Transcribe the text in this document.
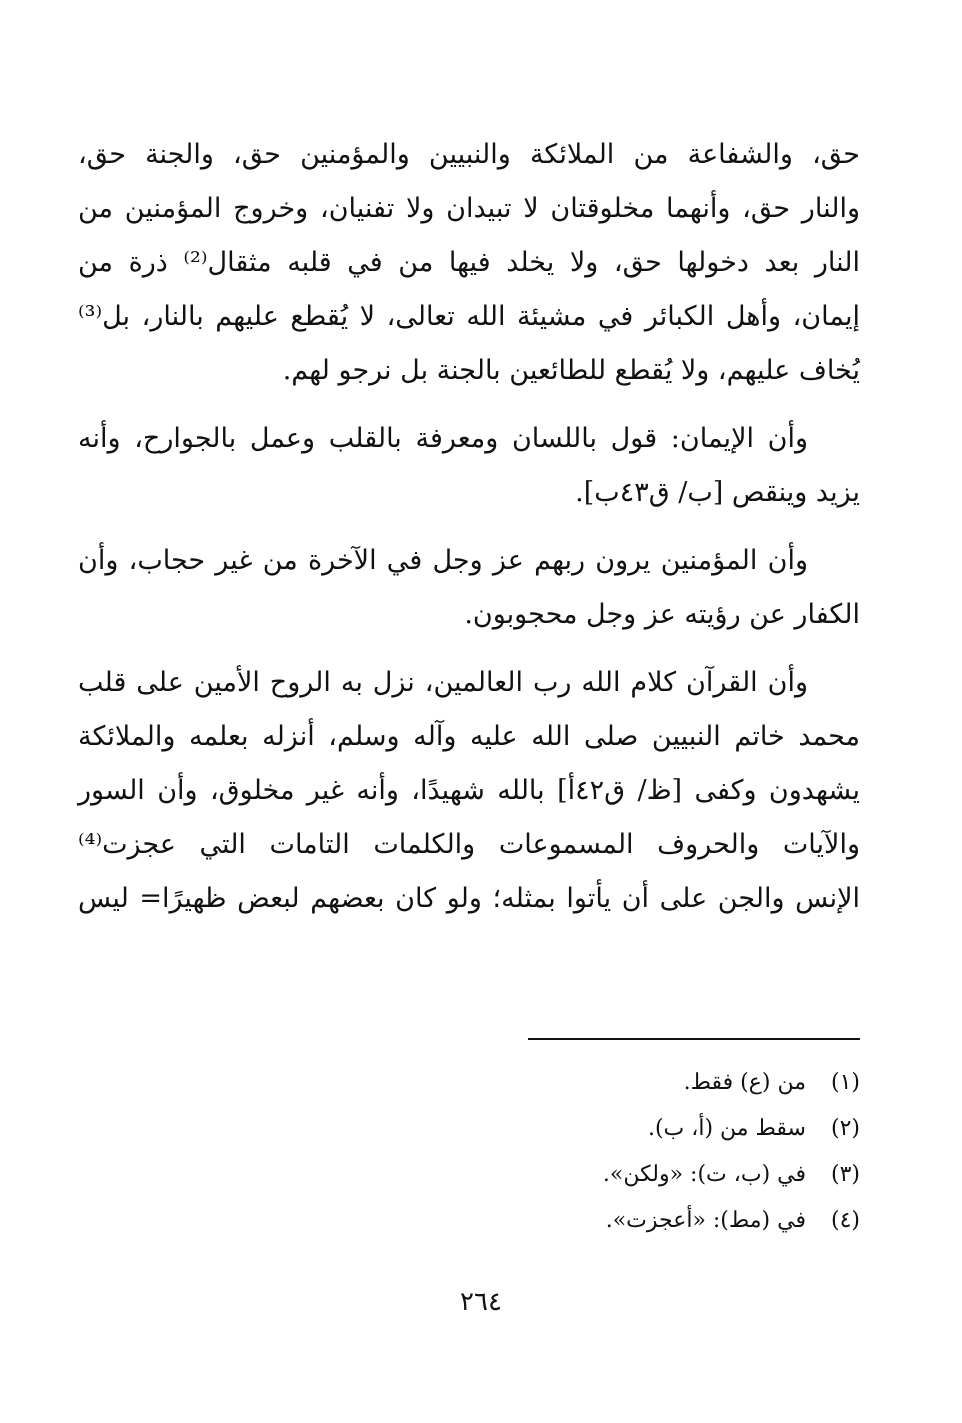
حق، والشفاعة من الملائكة والنبيين والمؤمنين حق، والجنة حق،
والنار حق، وأنهما مخلوقتان لا تبيدان ولا تفنيان، وخروج المؤمنين من
النار بعد دخولها حق، ولا يخلد فيها من في قلبه مثقال⁽²⁾ ذرة من
إيمان، وأهل الكبائر في مشيئة الله تعالى، لا يُقطع عليهم بالنار، بل⁽³⁾
يُخاف عليهم، ولا يُقطع للطائعين بالجنة بل نرجو لهم.
وأن الإيمان: قول باللسان ومعرفة بالقلب وعمل بالجوارح، وأنه
يزيد وينقص [ب/ ق٤٣ب].
وأن المؤمنين يرون ربهم عز وجل في الآخرة من غير حجاب، وأن
الكفار عن رؤيته عز وجل محجوبون.
وأن القرآن كلام الله رب العالمين، نزل به الروح الأمين على قلب
محمد خاتم النبيين صلى الله عليه وآله وسلم، أنزله بعلمه والملائكة
يشهدون وكفى [ظ/ ق٤٢أ] بالله شهيدًا، وأنه غير مخلوق، وأن السور
والآيات والحروف المسموعات والكلمات التامات التي عجزت⁽⁴⁾
الإنس والجن على أن يأتوا بمثله؛ ولو كان بعضهم لبعض ظهيرًا= ليس
(١)من (ع) فقط.
(٢)سقط من (أ، ب).
(٣)في (ب، ت): «ولكن».
(٤)في (مط): «أعجزت».
٢٦٤
